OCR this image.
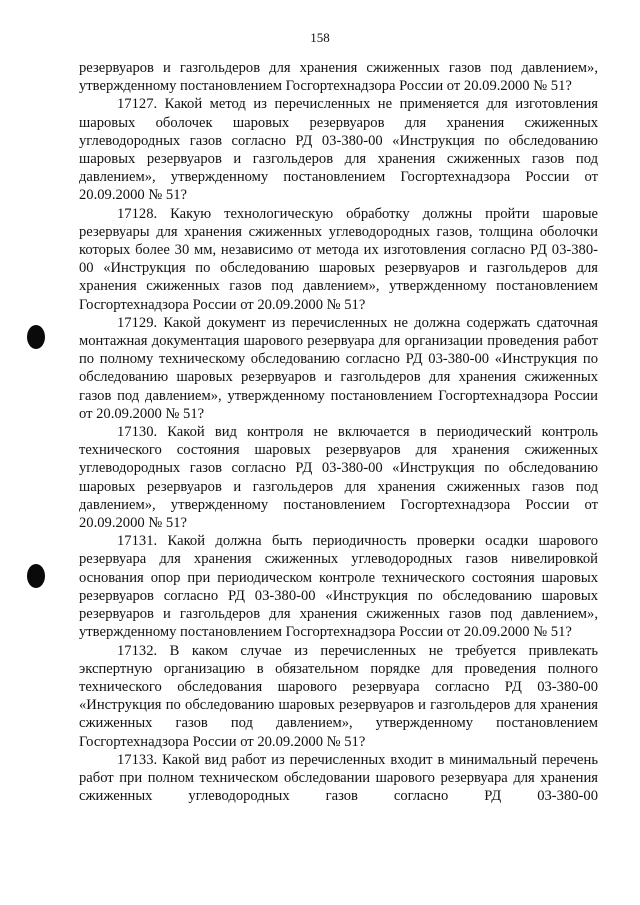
158

резервуаров и газгольдеров для хранения сжиженных газов под давлением», утвержденному постановлением Госгортехнадзора России от 20.09.2000 № 51?

17127. Какой метод из перечисленных не применяется для изготовления шаровых оболочек шаровых резервуаров для хранения сжиженных углеводородных газов согласно РД 03-380-00 «Инструкция по обследованию шаровых резервуаров и газгольдеров для хранения сжиженных газов под давлением», утвержденному постановлением Госгортехнадзора России от 20.09.2000 № 51?

17128. Какую технологическую обработку должны пройти шаровые резервуары для хранения сжиженных углеводородных газов, толщина оболочки которых более 30 мм, независимо от метода их изготовления согласно РД 03-380-00 «Инструкция по обследованию шаровых резервуаров и газгольдеров для хранения сжиженных газов под давлением», утвержденному постановлением Госгортехнадзора России от 20.09.2000 № 51?

17129. Какой документ из перечисленных не должна содержать сдаточная монтажная документация шарового резервуара для организации проведения работ по полному техническому обследованию согласно РД 03-380-00 «Инструкция по обследованию шаровых резервуаров и газгольдеров для хранения сжиженных газов под давлением», утвержденному постановлением Госгортехнадзора России от 20.09.2000 № 51?

17130. Какой вид контроля не включается в периодический контроль технического состояния шаровых резервуаров для хранения сжиженных углеводородных газов согласно РД 03-380-00 «Инструкция по обследованию шаровых резервуаров и газгольдеров для хранения сжиженных газов под давлением», утвержденному постановлением Госгортехнадзора России от 20.09.2000 № 51?

17131. Какой должна быть периодичность проверки осадки шарового резервуара для хранения сжиженных углеводородных газов нивелировкой основания опор при периодическом контроле технического состояния шаровых резервуаров согласно РД 03-380-00 «Инструкция по обследованию шаровых резервуаров и газгольдеров для хранения сжиженных газов под давлением», утвержденному постановлением Госгортехнадзора России от 20.09.2000 № 51?

17132. В каком случае из перечисленных не требуется привлекать экспертную организацию в обязательном порядке для проведения полного технического обследования шарового резервуара согласно РД 03-380-00 «Инструкция по обследованию шаровых резервуаров и газгольдеров для хранения сжиженных газов под давлением», утвержденному постановлением Госгортехнадзора России от 20.09.2000 № 51?

17133. Какой вид работ из перечисленных входит в минимальный перечень работ при полном техническом обследовании шарового резервуара для хранения сжиженных углеводородных газов согласно РД 03-380-00
